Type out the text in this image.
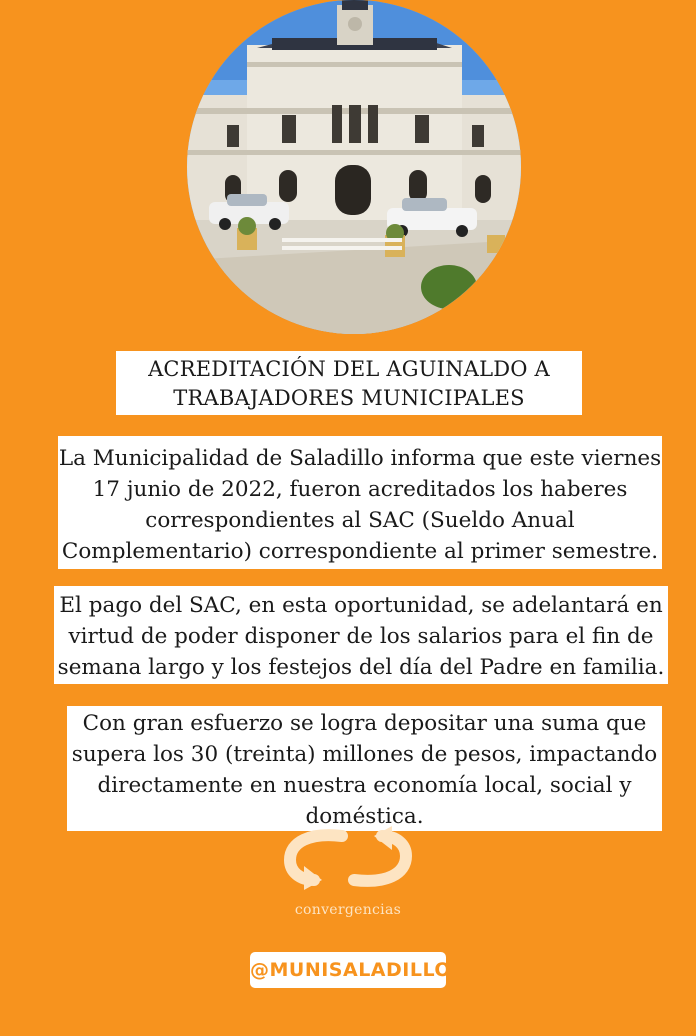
ACREDITACIÓN DEL AGUINALDO A
TRABAJADORES MUNICIPALES
La Municipalidad de Saladillo informa que este viernes
17 junio de 2022, fueron acreditados los haberes
correspondientes al SAC (Sueldo Anual
Complementario) correspondiente al primer semestre.
El pago del SAC, en esta oportunidad, se adelantará en
virtud de poder disponer de los salarios para el fin de
semana largo y los festejos del día del Padre en familia.
Con gran esfuerzo se logra depositar una suma que
supera los 30 (treinta) millones de pesos, impactando
directamente en nuestra economía local, social y
doméstica.
convergencias
@MUNISALADILLO
